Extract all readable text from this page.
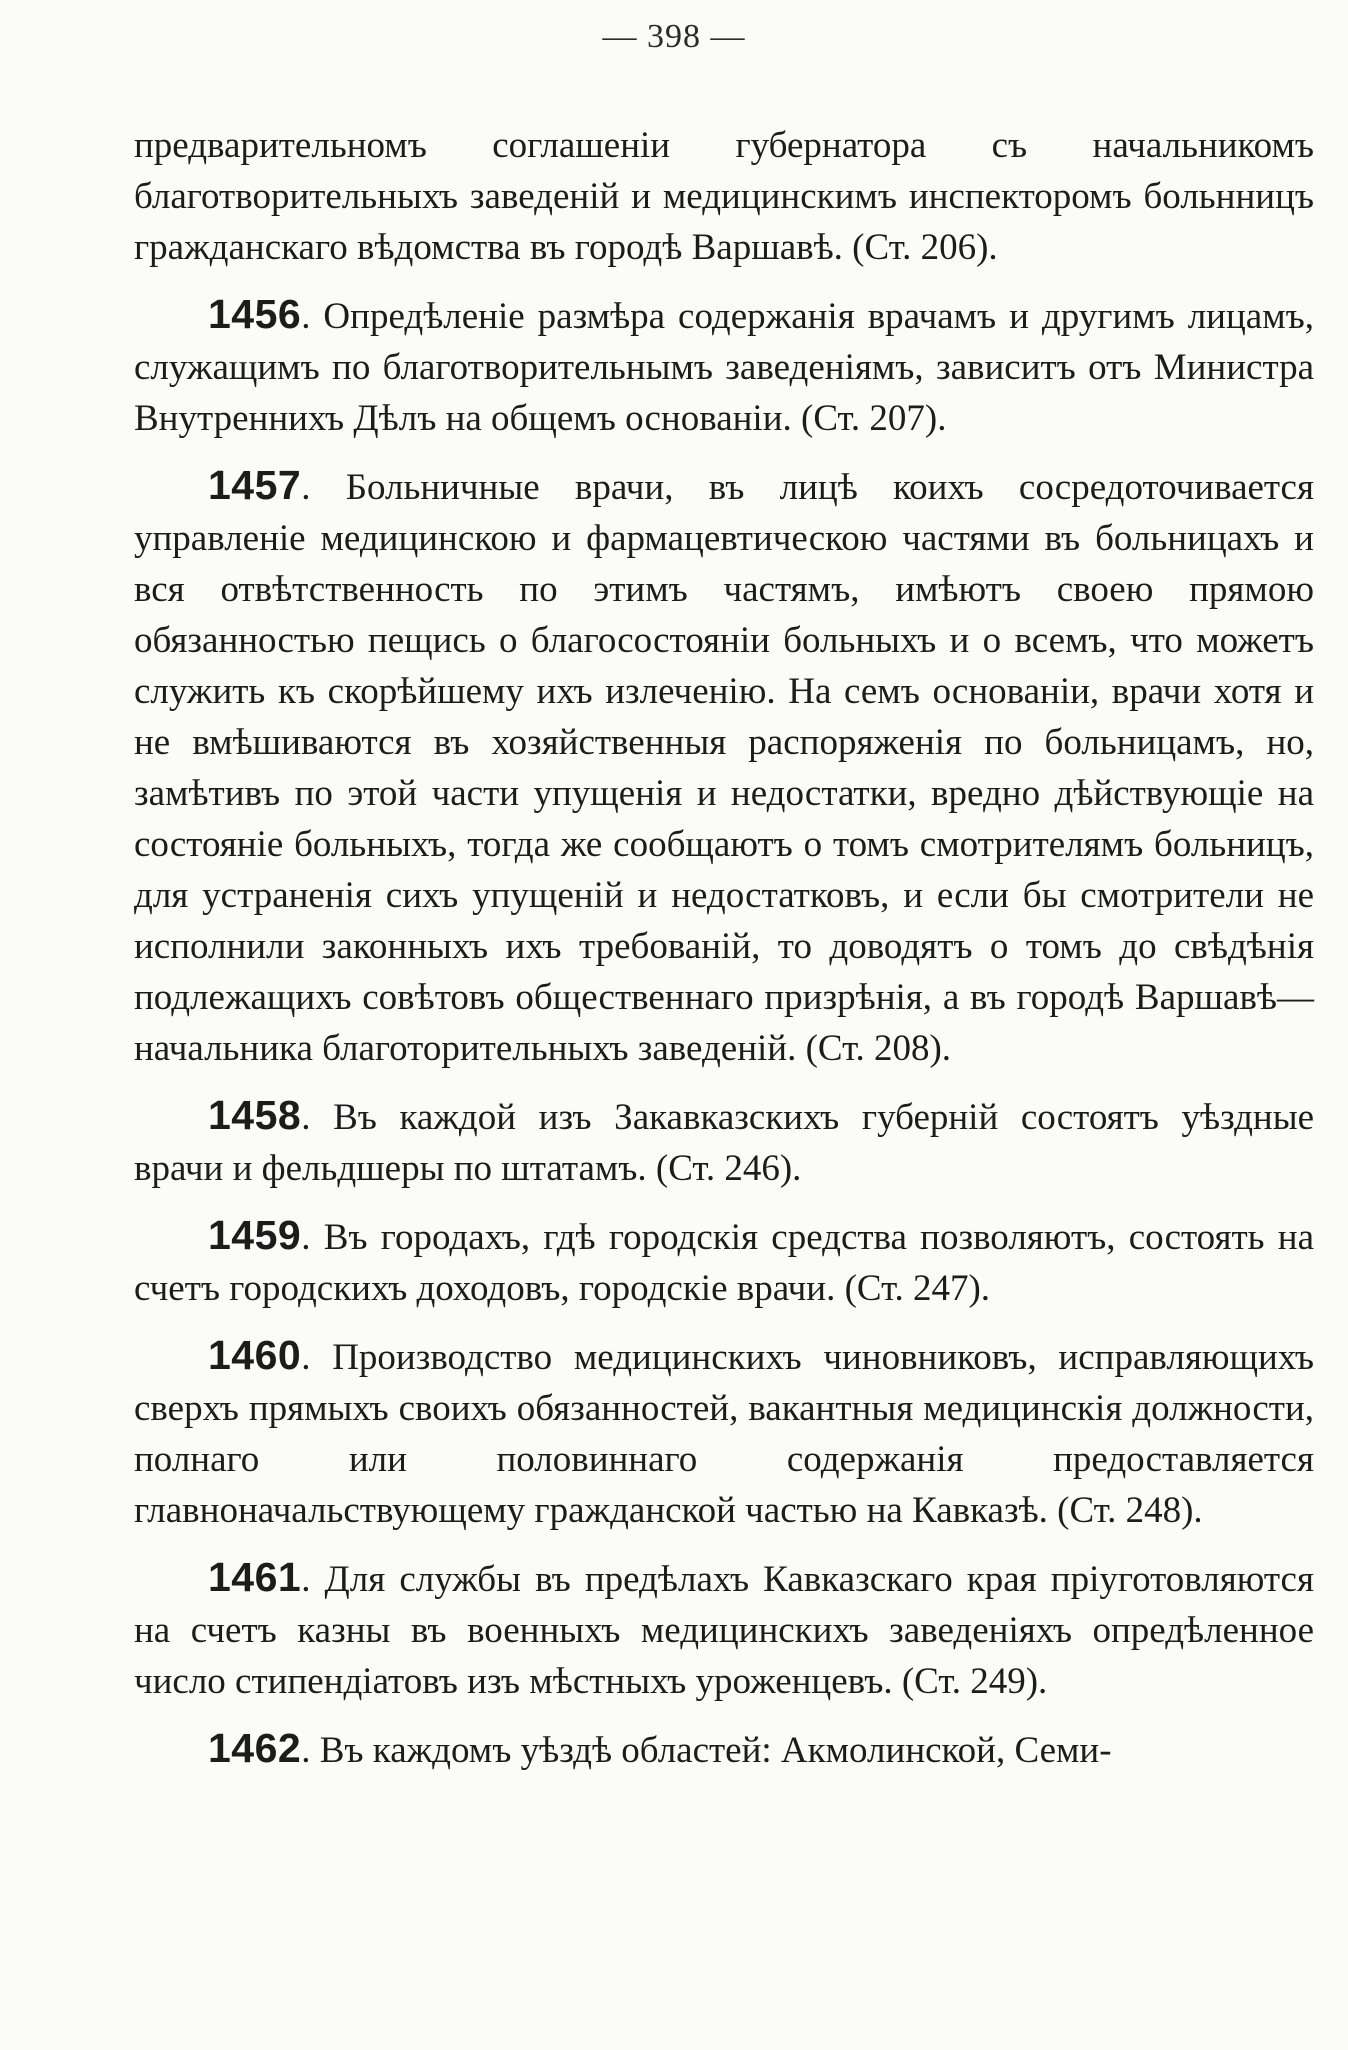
— 398 —

предварительномъ соглашенiи губернатора съ начальникомъ благотворительныхъ заведенiй и медицинскимъ инспекторомъ больнницъ гражданскаго вѣдомства въ городѣ Варшавѣ. (Ст. 206).

1456. Опредѣленiе размѣра содержанiя врачамъ и другимъ лицамъ, служащимъ по благотворительнымъ заведенiямъ, зависитъ отъ Министра Внутреннихъ Дѣлъ на общемъ основанiи. (Ст. 207).

1457. Больничные врачи, въ лицѣ коихъ сосредоточивается управленiе медицинскою и фармацевтическою частями въ больницахъ и вся отвѣтственность по этимъ частямъ, имѣютъ своею прямою обязанностью пещись о благосостоянiи больныхъ и о всемъ, что можетъ служить къ скорѣйшему ихъ излеченiю. На семъ основанiи, врачи хотя и не вмѣшиваются въ хозяйственныя распоряженiя по больницамъ, но, замѣтивъ по этой части упущенiя и недостатки, вредно дѣйствующiе на состоянiе больныхъ, тогда же сообщаютъ о томъ смотрителямъ больницъ, для устраненiя сихъ упущенiй и недостатковъ, и если бы смотрители не исполнили законныхъ ихъ требованiй, то доводятъ о томъ до свѣдѣнiя подлежащихъ совѣтовъ общественнаго призрѣнiя, а въ городѣ Варшавѣ—начальника благоторительныхъ заведенiй. (Ст. 208).

1458. Въ каждой изъ Закавказскихъ губернiй состоятъ уѣздные врачи и фельдшеры по штатамъ. (Ст. 246).

1459. Въ городахъ, гдѣ городскiя средства позволяютъ, состоять на счетъ городскихъ доходовъ, городскiе врачи. (Ст. 247).

1460. Производство медицинскихъ чиновниковъ, исправляющихъ сверхъ прямыхъ своихъ обязанностей, вакантныя медицинскiя должности, полнаго или половиннаго содержанiя предоставляется главноначальствующему гражданской частью на Кавказѣ. (Ст. 248).

1461. Для службы въ предѣлахъ Кавказскаго края прiуготовляются на счетъ казны въ военныхъ медицинскихъ заведенiяхъ опредѣленное число стипендiатовъ изъ мѣстныхъ уроженцевъ. (Ст. 249).

1462. Въ каждомъ уѣздѣ областей: Акмолинской, Семи-
